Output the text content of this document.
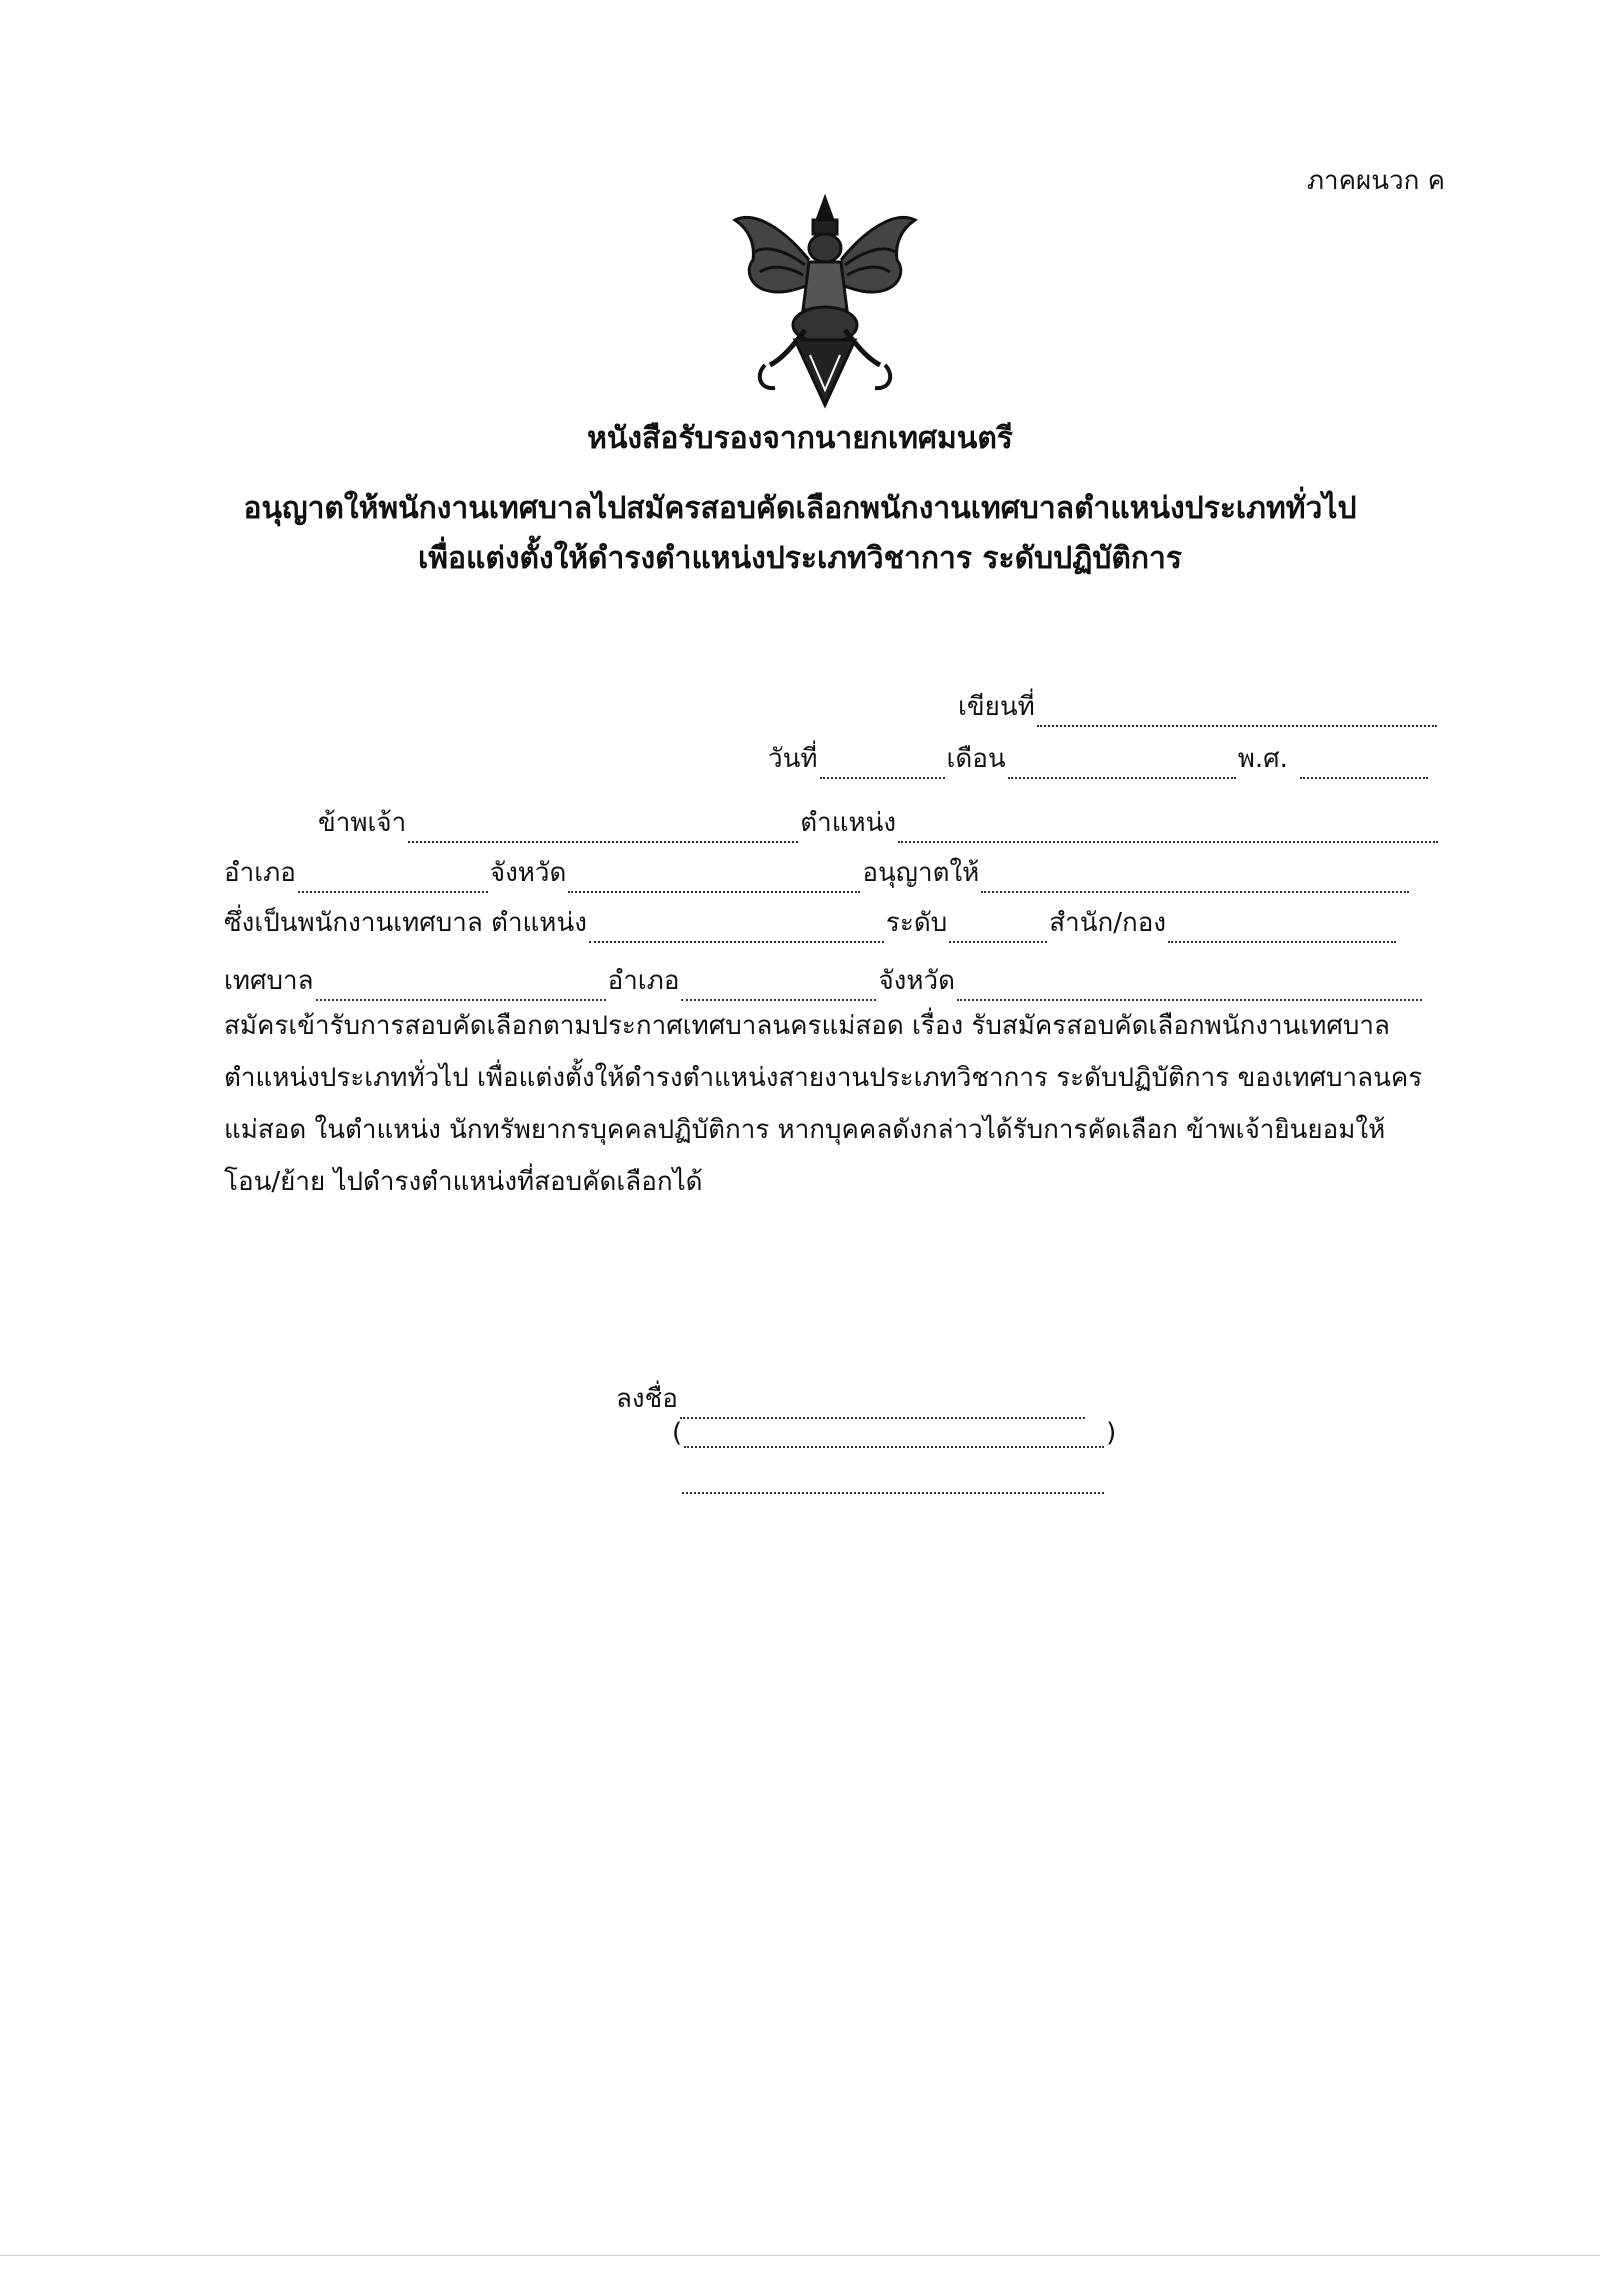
ภาคผนวก ค
หนังสือรับรองจากนายกเทศมนตรี
อนุญาตให้พนักงานเทศบาลไปสมัครสอบคัดเลือกพนักงานเทศบาลตำแหน่งประเภททั่วไป
เพื่อแต่งตั้งให้ดำรงตำแหน่งประเภทวิชาการ ระดับปฏิบัติการ
เขียนที่
วันที่	เดือน	พ.ศ.
ข้าพเจ้า	ตำแหน่ง
อำเภอ	จังหวัด	อนุญาตให้
ซึ่งเป็นพนักงานเทศบาล ตำแหน่ง	ระดับ	สำนัก/กอง
เทศบาล	อำเภอ	จังหวัด
สมัครเข้ารับการสอบคัดเลือกตามประกาศเทศบาลนครแม่สอด เรื่อง รับสมัครสอบคัดเลือกพนักงานเทศบาล
ตำแหน่งประเภททั่วไป เพื่อแต่งตั้งให้ดำรงตำแหน่งสายงานประเภทวิชาการ ระดับปฏิบัติการ ของเทศบาลนคร
แม่สอด ในตำแหน่ง นักทรัพยากรบุคคลปฏิบัติการ หากบุคคลดังกล่าวได้รับการคัดเลือก ข้าพเจ้ายินยอมให้
โอน/ย้าย ไปดำรงตำแหน่งที่สอบคัดเลือกได้
ลงชื่อ
(	)
